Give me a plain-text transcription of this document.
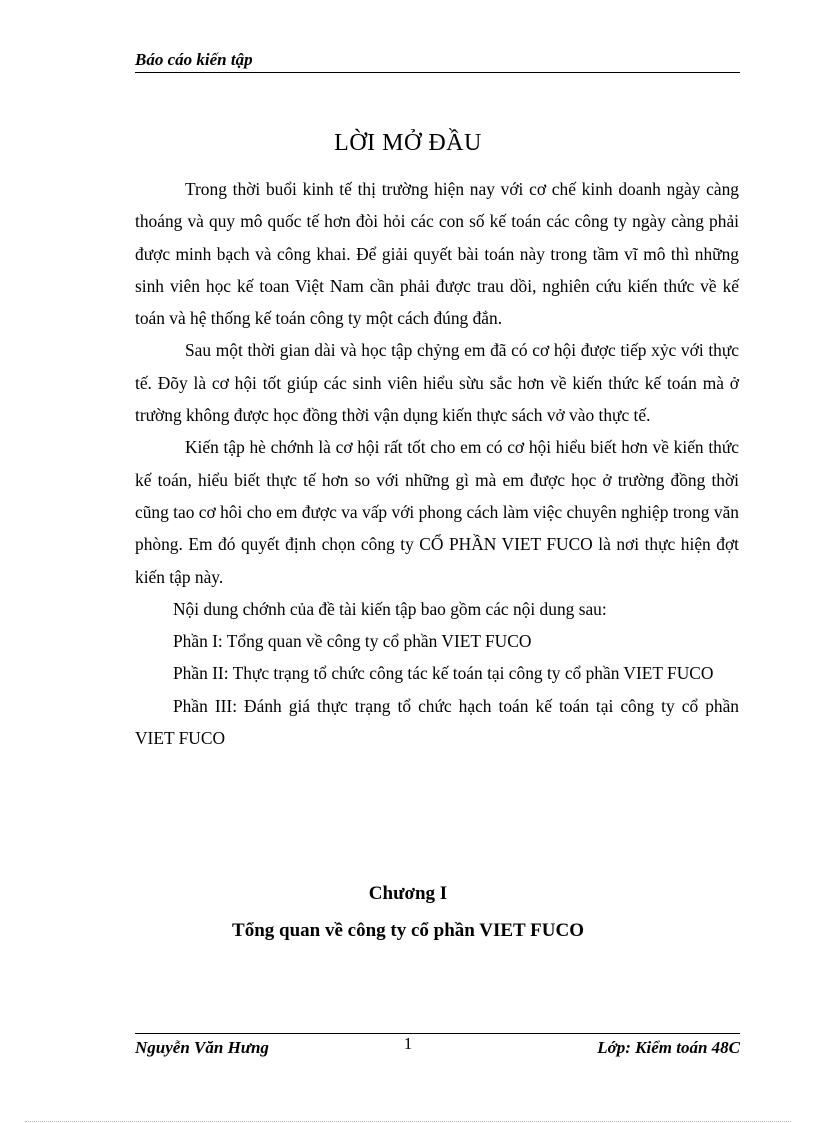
Báo cáo kiến tập
LỜI MỞ ĐẦU

Trong thời buổi kinh tế thị trường hiện nay với cơ chế kinh doanh ngày càng thoáng và quy mô quốc tế hơn đòi hỏi các con số kế toán các công ty ngày càng phải được minh bạch và công khai. Để giải quyết bài toán này trong tầm vĩ mô thì những sinh viên học kế toan Việt Nam cần phải được trau dồi, nghiên cứu kiến thức về kế toán và hệ thống kế toán công ty một cách đúng đắn.

Sau một thời gian dài và học tập chỷng em đã có cơ hội được tiếp xỷc với thực tế. Đõy là cơ hội tốt giúp các sinh viên hiểu sừu sắc hơn về kiến thức kế toán mà ở trường không được học đồng thời vận dụng kiến thực sách vở vào thực tế.

Kiến tập hè chớnh là cơ hội rất tốt cho em có cơ hội hiểu biết hơn về kiến thức kế toán, hiểu biết thực tế hơn so với những gì mà em được học ở trường đồng thời cũng tao cơ hôi cho em được va vấp với phong cách làm việc chuyên nghiệp trong văn phòng. Em đó quyết định chọn công ty CỔ PHẦN VIET FUCO là nơi thực hiện đợt kiến tập này.

Nội dung chớnh của đề tài kiến tập bao gồm các nội dung sau:

Phần I: Tổng quan về công ty cổ phần VIET FUCO

Phần II: Thực trạng tổ chức công tác kế toán tại công ty cổ phần VIET FUCO

Phần III: Đánh giá thực trạng tổ chức hạch toán kế toán tại công ty cổ phần VIET FUCO

Chương I
Tổng quan về công ty cổ phần VIET FUCO
Nguyễn Văn Hưng	1	Lớp: Kiểm toán 48C
